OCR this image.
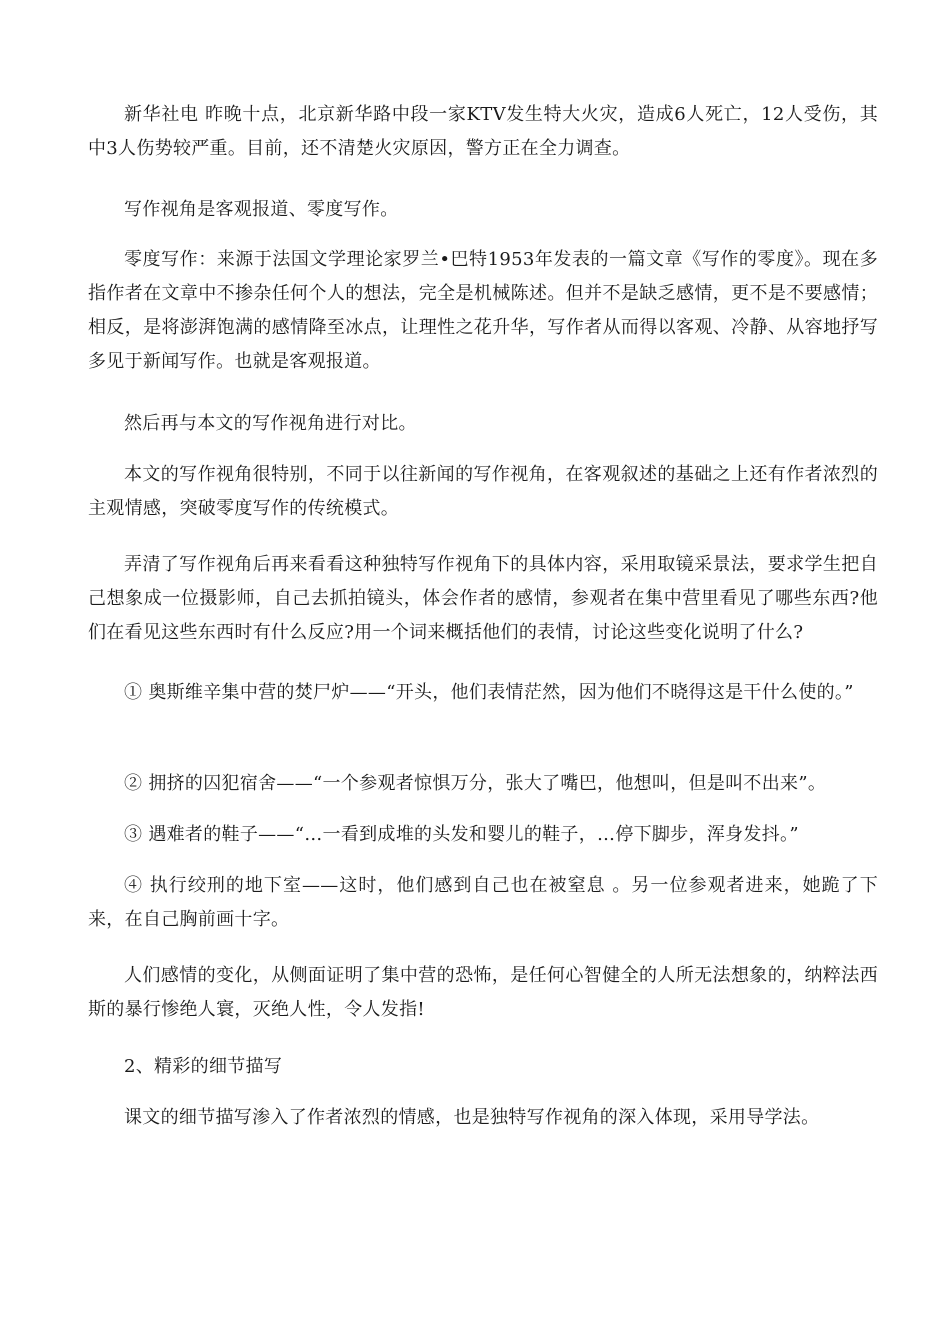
新华社电 昨晚十点，北京新华路中段一家KTV发生特大火灾，造成6人死亡，12人受伤，其中3人伤势较严重。目前，还不清楚火灾原因，警方正在全力调查。

写作视角是客观报道、零度写作。

零度写作：来源于法国文学理论家罗兰•巴特1953年发表的一篇文章《写作的零度》。现在多指作者在文章中不掺杂任何个人的想法，完全是机械陈述。但并不是缺乏感情，更不是不要感情；相反，是将澎湃饱满的感情降至冰点，让理性之花升华，写作者从而得以客观、冷静、从容地抒写多见于新闻写作。也就是客观报道。

然后再与本文的写作视角进行对比。

本文的写作视角很特别，不同于以往新闻的写作视角，在客观叙述的基础之上还有作者浓烈的主观情感，突破零度写作的传统模式。

弄清了写作视角后再来看看这种独特写作视角下的具体内容，采用取镜采景法，要求学生把自己想象成一位摄影师，自己去抓拍镜头，体会作者的感情，参观者在集中营里看见了哪些东西?他们在看见这些东西时有什么反应?用一个词来概括他们的表情，讨论这些变化说明了什么?

① 奥斯维辛集中营的焚尸炉——“开头，他们表情茫然，因为他们不晓得这是干什么使的。”

② 拥挤的囚犯宿舍——“一个参观者惊惧万分，张大了嘴巴，他想叫，但是叫不出来”。

③ 遇难者的鞋子——“…一看到成堆的头发和婴儿的鞋子，…停下脚步，浑身发抖。”

④ 执行绞刑的地下室——这时，他们感到自己也在被窒息 。另一位参观者进来，她跪了下来，在自己胸前画十字。

人们感情的变化，从侧面证明了集中营的恐怖，是任何心智健全的人所无法想象的，纳粹法西斯的暴行惨绝人寰，灭绝人性，令人发指!

2、精彩的细节描写

课文的细节描写渗入了作者浓烈的情感，也是独特写作视角的深入体现，采用导学法。
